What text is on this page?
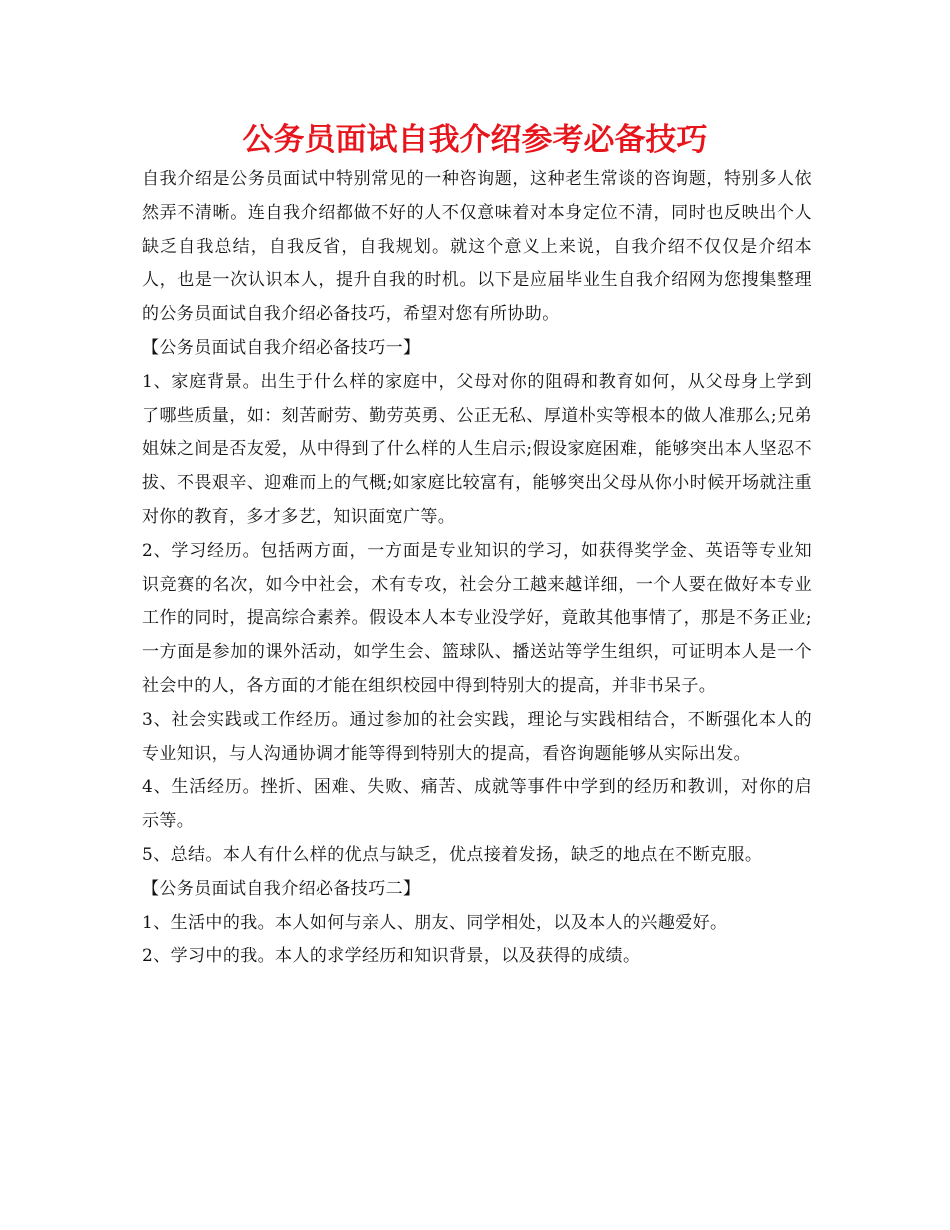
公务员面试自我介绍参考必备技巧

自我介绍是公务员面试中特别常见的一种咨询题，这种老生常谈的咨询题，特别多人依然弄不清晰。连自我介绍都做不好的人不仅意味着对本身定位不清，同时也反映出个人缺乏自我总结，自我反省，自我规划。就这个意义上来说，自我介绍不仅仅是介绍本人，也是一次认识本人，提升自我的时机。以下是应届毕业生自我介绍网为您搜集整理的公务员面试自我介绍必备技巧，希望对您有所协助。

【公务员面试自我介绍必备技巧一】

1、家庭背景。出生于什么样的家庭中，父母对你的阻碍和教育如何，从父母身上学到了哪些质量，如：刻苦耐劳、勤劳英勇、公正无私、厚道朴实等根本的做人准那么;兄弟姐妹之间是否友爱，从中得到了什么样的人生启示;假设家庭困难，能够突出本人坚忍不拔、不畏艰辛、迎难而上的气概;如家庭比较富有，能够突出父母从你小时候开场就注重对你的教育，多才多艺，知识面宽广等。

2、学习经历。包括两方面，一方面是专业知识的学习，如获得奖学金、英语等专业知识竞赛的名次，如今中社会，术有专攻，社会分工越来越详细，一个人要在做好本专业工作的同时，提高综合素养。假设本人本专业没学好，竟敢其他事情了，那是不务正业;一方面是参加的课外活动，如学生会、篮球队、播送站等学生组织，可证明本人是一个社会中的人，各方面的才能在组织校园中得到特别大的提高，并非书呆子。

3、社会实践或工作经历。通过参加的社会实践，理论与实践相结合，不断强化本人的专业知识，与人沟通协调才能等得到特别大的提高，看咨询题能够从实际出发。

4、生活经历。挫折、困难、失败、痛苦、成就等事件中学到的经历和教训，对你的启示等。

5、总结。本人有什么样的优点与缺乏，优点接着发扬，缺乏的地点在不断克服。

【公务员面试自我介绍必备技巧二】

1、生活中的我。本人如何与亲人、朋友、同学相处，以及本人的兴趣爱好。

2、学习中的我。本人的求学经历和知识背景，以及获得的成绩。
